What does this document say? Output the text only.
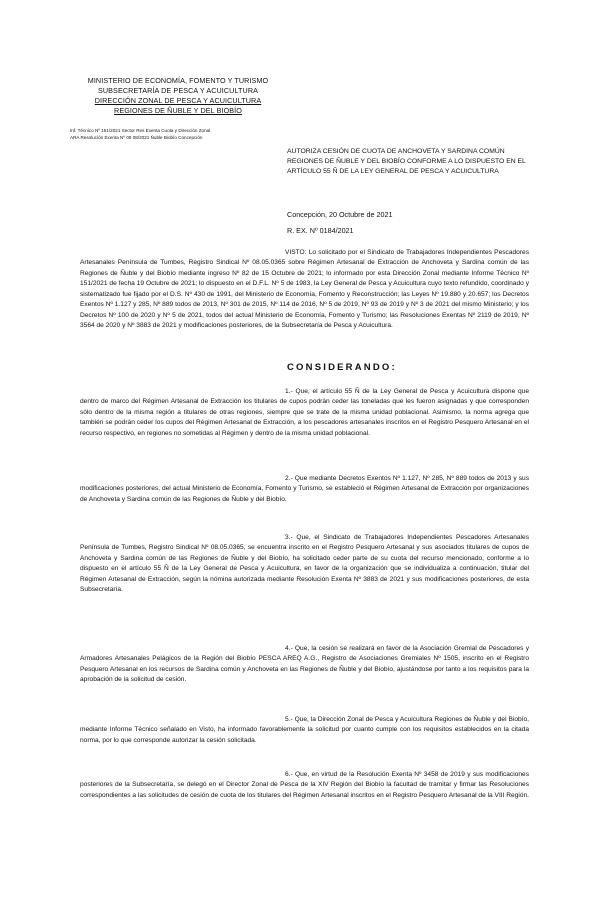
MINISTERIO DE ECONOMÍA, FOMENTO Y TURISMO
SUBSECRETARÍA DE PESCA Y ACUICULTURA
DIRECCIÓN ZONAL DE PESCA Y ACUICULTURA
REGIONES DE ÑUBLE Y DEL BIOBÍO
Inf. Técnico Nº 151/2021 Sector Res Exenta Cuota y Dirección Zonal
ARA Resolución Exenta Nº 09 08/2021 Ñuble Biobío Concepción
AUTORIZA CESIÓN DE CUOTA DE ANCHOVETA Y SARDINA COMÚN REGIONES DE ÑUBLE Y DEL BIOBÍO CONFORME A LO DISPUESTO EN EL ARTÍCULO 55 Ñ DE LA LEY GENERAL DE PESCA Y ACUICULTURA
Concepción, 20 Octubre de 2021
R. EX. Nº 0184/2021
VISTO: Lo solicitado por el Sindicato de Trabajadores Independientes Pescadores Artesanales Península de Tumbes, Registro Sindical Nº 08.05.0365 sobre Régimen Artesanal de Extracción de Anchoveta y Sardina común de las Regiones de Ñuble y del Biobío mediante ingreso Nº 82 de 15 Octubre de 2021; lo informado por esta Dirección Zonal mediante Informe Técnico Nº 151/2021 de fecha 19 Octubre de 2021; lo dispuesto en el D.F.L. Nº 5 de 1983, la Ley General de Pesca y Acuicultura cuyo texto refundido, coordinado y sistematizado fue fijado por el D.S. Nº 430 de 1991, del Ministerio de Economía, Fomento y Reconstrucción; las Leyes Nº 19.880 y 20.657; los Decretos Exentos Nº 1.127 y 285, Nº 889 todos de 2013, Nº 301 de 2015, Nº 114 de 2016, Nº 5 de 2019, Nº 93 de 2019 y Nº 3 de 2021 del mismo Ministerio; y los Decretos Nº 100 de 2020 y Nº 5 de 2021, todos del actual Ministerio de Economía, Fomento y Turismo; las Resoluciones Exentas Nº 2119 de 2019, Nº 3564 de 2020 y Nº 3883 de 2021 y modificaciones posteriores, de la Subsecretaría de Pesca y Acuicultura.
CONSIDERANDO:
1.- Que, el artículo 55 Ñ de la Ley General de Pesca y Acuicultura dispone que dentro de marco del Régimen Artesanal de Extracción los titulares de cupos podrán ceder las toneladas que les fueron asignadas y que corresponden sólo dentro de la misma región a titulares de otras regiones, siempre que se trate de la misma unidad poblacional. Asimismo, la norma agrega que también se podrán ceder los cupos del Régimen Artesanal de Extracción, a los pescadores artesanales inscritos en el Registro Pesquero Artesanal en el recurso respectivo, en regiones no sometidas al Régimen y dentro de la misma unidad poblacional.
2.- Que mediante Decretos Exentos Nº 1.127, Nº 285, Nº 889 todos de 2013 y sus modificaciones posteriores, del actual Ministerio de Economía, Fomento y Turismo, se estableció el Régimen Artesanal de Extracción por organizaciones de Anchoveta y Sardina común de las Regiones de Ñuble y del Biobío.
3.- Que, el Sindicato de Trabajadores Independientes Pescadores Artesanales Península de Tumbes, Registro Sindical Nº 08.05.0365, se encuentra inscrito en el Registro Pesquero Artesanal y sus asociados titulares de cupos de Anchoveta y Sardina común de las Regiones de Ñuble y del Biobío, ha solicitado ceder parte de su cuota del recurso mencionado, conforme a lo dispuesto en el artículo 55 Ñ de la Ley General de Pesca y Acuicultura, en favor de la organización que se individualiza a continuación, titular del Régimen Artesanal de Extracción, según la nómina autorizada mediante Resolución Exenta Nº 3883 de 2021 y sus modificaciones posteriores, de esta Subsecretaría.
4.- Que, la cesión se realizará en favor de la Asociación Gremial de Pescadores y Armadores Artesanales Pelágicos de la Región del Biobío PESCA AREQ A.G., Registro de Asociaciones Gremiales Nº 1505, inscrito en el Registro Pesquero Artesanal en los recursos de Sardina común y Anchoveta en las Regiones de Ñuble y del Biobío, ajustándose por tanto a los requisitos para la aprobación de la solicitud de cesión.
5.- Que, la Dirección Zonal de Pesca y Acuicultura Regiones de Ñuble y del Biobío, mediante Informe Técnico señalado en Visto, ha informado favorablemente la solicitud por cuanto cumple con los requisitos establecidos en la citada norma, por lo que corresponde autorizar la cesión solicitada.
6.- Que, en virtud de la Resolución Exenta Nº 3458 de 2019 y sus modificaciones posteriores de la Subsecretaría, se delegó en el Director Zonal de Pesca de la XIV Región del Biobío la facultad de tramitar y firmar las Resoluciones correspondientes a las solicitudes de cesión de cuota de los titulares del Régimen Artesanal inscritos en el Registro Pesquero Artesanal de la VIII Región.
